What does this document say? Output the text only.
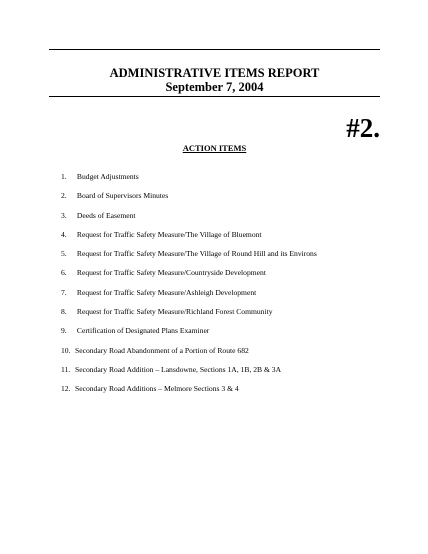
ADMINISTRATIVE ITEMS REPORT
September 7, 2004
#2.
ACTION ITEMS
1. Budget Adjustments
2. Board of Supervisors Minutes
3. Deeds of Easement
4. Request for Traffic Safety Measure/The Village of Bluemont
5. Request for Traffic Safety Measure/The Village of Round Hill and its Environs
6. Request for Traffic Safety Measure/Countryside Development
7. Request for Traffic Safety Measure/Ashleigh Development
8. Request for Traffic Safety Measure/Richland Forest Community
9. Certification of Designated Plans Examiner
10.Secondary Road Abandonment of a Portion of Route 682
11.Secondary Road Addition – Lansdowne, Sections 1A, 1B, 2B & 3A
12.Secondary Road Additions – Melmore Sections 3 & 4
